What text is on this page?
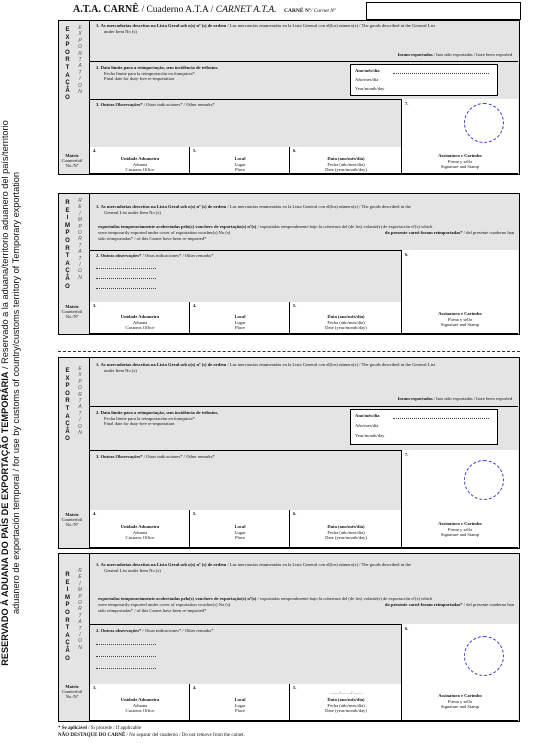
A.T.A. CARNÊ / Cuaderno A.T.A / CARNET A.T.A. CARNÊ Nº/ Carnet Nº
RESERVADO À ADUANA DO PAÍS DE EXPORTAÇÃO TEMPORÁRIA / Reservado a la aduana/territorio aduanero del país/territorio aduanero de exportación temporal / for use by customs of country/customs territory of Temporary exportation
E
X
P
O
R
T
A
Ç
Ã
O
E
X
P
O
R
T
A
T
I
O
N
Matriz
Counterfoil
No./Nº
1. As mercadorias descritas na Lista Geral sob o(s) nº (s) de ordem / Las mercancías enumeradas en la Lista General con el(los) número(s) / The goods described in the General List
under Item No (s)
foram exportadas / han sido exportadas / have been exported
2. Data limite para a reimportação, sem incidência de tributos.
Fecha límite para la reimportación en franquicia*
Final date for duty-free re-importation
Ano/mês/dia
Año/mes/día
Year/month/day
3. Outras Observações* / Otras indicaciones* / Other remarks*	7.
4.
Unidade Aduaneira
Aduana
Customs Office
5.
Local
Lugar
Place
6.
Data (ano/mês/dia)
Fecha (año/mes/día)
Date (year/month/day)
Assinatura e Carimbo
Firma y sello
Signature and Stamp
R
E
I
M
P
O
R
T
A
Ç
Ã
O
R
E
I
M
P
O
R
T
A
T
I
O
N
Matriz
Counterfoil
No./Nº
1. As mercadorias descritas na Lista Geral sob o(s) nº (s) de ordem / Las mercancías enumeradas en la Lista General con el(los) número(s) / The goods described in the
General List under Item No (s)
exportadas temporariamente acobertadas pelo(s) vouchers de exportação(s) nº(s) / exportadas temporalmente bajo la cobertura del (de los) volante(s) de exportación nº(s) which
were temporarily exported under cover of exportation voucher(s) No (s)	do presente carnê foram reimportadas* / del presente cuaderno han
sido reimportadas* / of this Carnet have been re-imported*
2. Outras observações* / Otras indicaciones* / Other remarks*	6.
3.
Unidade Aduaneira
Aduana
Customs Office
4.
Local
Lugar
Place
5.
Data (ano/mês/dia)
Fecha (año/mes/día)
Date (year/month/day)
Assinatura e Carimbo
Firma y sello
Signature and Stamp
E
X
P
O
R
T
A
Ç
Ã
O
E
X
P
O
R
T
A
T
I
O
N
Matriz
Counterfoil
No./Nº
1. As mercadorias descritas na Lista Geral sob o(s) nº (s) de ordem / Las mercancías enumeradas en la Lista General con el(los) número(s) / The goods described in the General List
under Item No (s)
foram exportadas / han sido exportadas / have been exported
2. Data limite para a reimportação, sem incidência de tributos.
Fecha límite para la reimportación en franquicia*
Final date for duty-free re-importation
Ano/mês/dia
Año/mes/día
Year/month/day
3. Outras Observações* / Otras indicaciones* / Other remarks*	7.
4.
Unidade Aduaneira
Aduana
Customs Office
5.
Local
Lugar
Place
6.
Data (ano/mês/dia)
Fecha (año/mes/día)
Date (year/month/day)
Assinatura e Carimbo
Firma y sello
Signature and Stamp
R
E
I
M
P
O
R
T
A
Ç
Ã
O
R
E
I
M
P
O
R
T
A
T
I
O
N
Matriz
Counterfoil
No./Nº
1. As mercadorias descritas na Lista Geral sob o(s) nº (s) de ordem / Las mercancías enumeradas en la Lista General con el(los) número(s) / The goods described in the
General List under Item No (s)
exportadas temporariamente acobertadas pelo(s) vouchers de exportação(s) nº(s) / exportadas temporalmente bajo la cobertura del (de los) volante(s) de exportación nº(s) which
were temporarily exported under cover of exportation voucher(s) No (s)	do presente carnê foram reimportadas* / del presente cuaderno han
sido reimportadas* / of this Carnet have been re-imported*
2. Outras observações* / Otras indicaciones* / Other remarks*	6.
3.
Unidade Aduaneira
Aduana
Customs Office
4.
Local
Lugar
Place
5.
........./........./.........
Data (ano/mês/dia)
Fecha (año/mes/día)
Date (year/month/day)
Assinatura e Carimbo
Firma y sello
Signature and Stamp
* Se aplicável / Si procede / If applicable
NÃO DESTAQUE DO CARNÊ / No separar del cuaderno / Do not remove from the carnet.
